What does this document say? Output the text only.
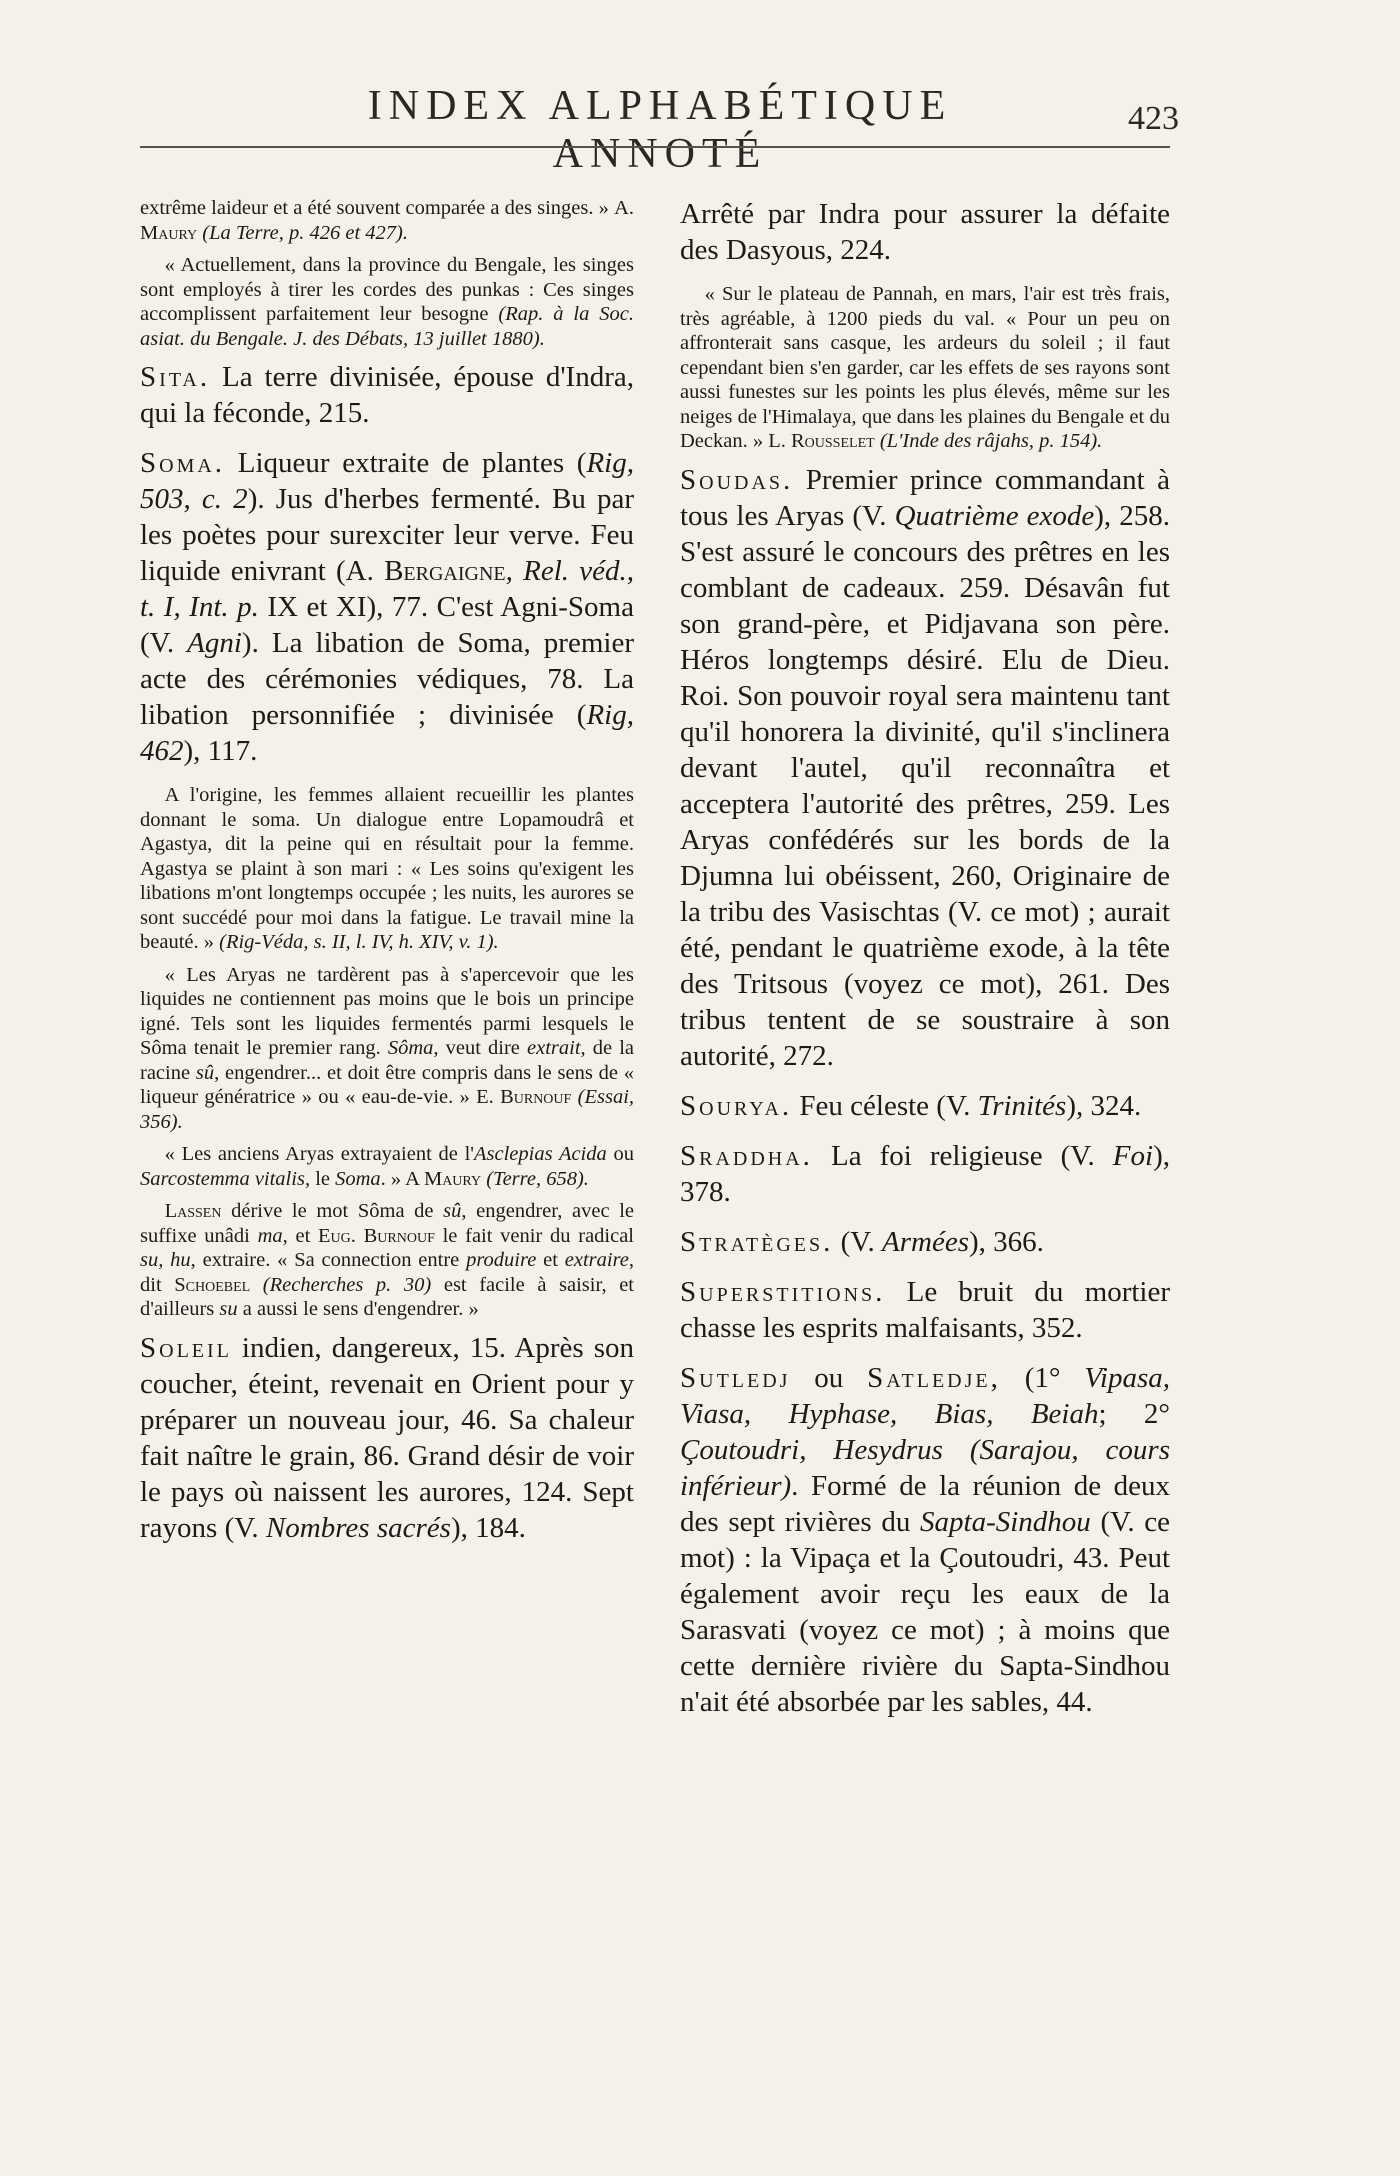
INDEX ALPHABÉTIQUE ANNOTÉ
423

extrême laideur et a été souvent comparée a des singes. » A. Maury (La Terre, p. 426 et 427).

« Actuellement, dans la province du Bengale, les singes sont employés à tirer les cordes des punkas : Ces singes accomplissent parfaitement leur besogne (Rap. à la Soc. asiat. du Bengale. J. des Débats, 13 juillet 1880).

Sita. La terre divinisée, épouse d'Indra, qui la féconde, 215.

Soma. Liqueur extraite de plantes (Rig, 503, c. 2). Jus d'herbes fermenté. Bu par les poètes pour surexciter leur verve. Feu liquide enivrant (A. Bergaigne, Rel. véd., t. I, Int. p. IX et XI), 77. C'est Agni-Soma (V. Agni). La libation de Soma, premier acte des cérémonies védiques, 78. La libation personnifiée ; divinisée (Rig, 462), 117.

A l'origine, les femmes allaient recueillir les plantes donnant le soma. Un dialogue entre Lopamoudrâ et Agastya, dit la peine qui en résultait pour la femme. Agastya se plaint à son mari : « Les soins qu'exigent les libations m'ont longtemps occupée ; les nuits, les aurores se sont succédé pour moi dans la fatigue. Le travail mine la beauté. » (Rig-Véda, s. II, l. IV, h. XIV, v. 1).

« Les Aryas ne tardèrent pas à s'apercevoir que les liquides ne contiennent pas moins que le bois un principe igné. Tels sont les liquides fermentés parmi lesquels le Sôma tenait le premier rang. Sôma, veut dire extrait, de la racine sû, engendrer... et doit être compris dans le sens de « liqueur génératrice » ou « eau-de-vie. » E. Burnouf (Essai, 356).

« Les anciens Aryas extrayaient de l'Asclepias Acida ou Sarcostemma vitalis, le Soma. » A Maury (Terre, 658).

Lassen dérive le mot Sôma de sû, engendrer, avec le suffixe unâdi ma, et Eug. Burnouf le fait venir du radical su, hu, extraire. « Sa connection entre produire et extraire, dit Schoebel (Recherches p. 30) est facile à saisir, et d'ailleurs su a aussi le sens d'engendrer. »

Soleil indien, dangereux, 15. Après son coucher, éteint, revenait en Orient pour y préparer un nouveau jour, 46. Sa chaleur fait naître le grain, 86. Grand désir de voir le pays où naissent les aurores, 124. Sept rayons (V. Nombres sacrés), 184.

Arrêté par Indra pour assurer la défaite des Dasyous, 224.

« Sur le plateau de Pannah, en mars, l'air est très frais, très agréable, à 1200 pieds du val. « Pour un peu on affronterait sans casque, les ardeurs du soleil ; il faut cependant bien s'en garder, car les effets de ses rayons sont aussi funestes sur les points les plus élevés, même sur les neiges de l'Himalaya, que dans les plaines du Bengale et du Deckan. » L. Rousselet (L'Inde des râjahs, p. 154).

Soudas. Premier prince commandant à tous les Aryas (V. Quatrième exode), 258. S'est assuré le concours des prêtres en les comblant de cadeaux. 259. Désavân fut son grand-père, et Pidjavana son père. Héros longtemps désiré. Elu de Dieu. Roi. Son pouvoir royal sera maintenu tant qu'il honorera la divinité, qu'il s'inclinera devant l'autel, qu'il reconnaîtra et acceptera l'autorité des prêtres, 259. Les Aryas confédérés sur les bords de la Djumna lui obéissent, 260, Originaire de la tribu des Vasischtas (V. ce mot) ; aurait été, pendant le quatrième exode, à la tête des Tritsous (voyez ce mot), 261. Des tribus tentent de se soustraire à son autorité, 272.

Sourya. Feu céleste (V. Trinités), 324.

Sraddha. La foi religieuse (V. Foi), 378.

Stratèges. (V. Armées), 366.

Superstitions. Le bruit du mortier chasse les esprits malfaisants, 352.

Sutledj ou Satledje, (1° Vipasa, Viasa, Hyphase, Bias, Beiah; 2° Çoutoudri, Hesydrus (Sarajou, cours inférieur). Formé de la réunion de deux des sept rivières du Sapta-Sindhou (V. ce mot) : la Vipaça et la Çoutoudri, 43. Peut également avoir reçu les eaux de la Sarasvati (voyez ce mot) ; à moins que cette dernière rivière du Sapta-Sindhou n'ait été absorbée par les sables, 44.
